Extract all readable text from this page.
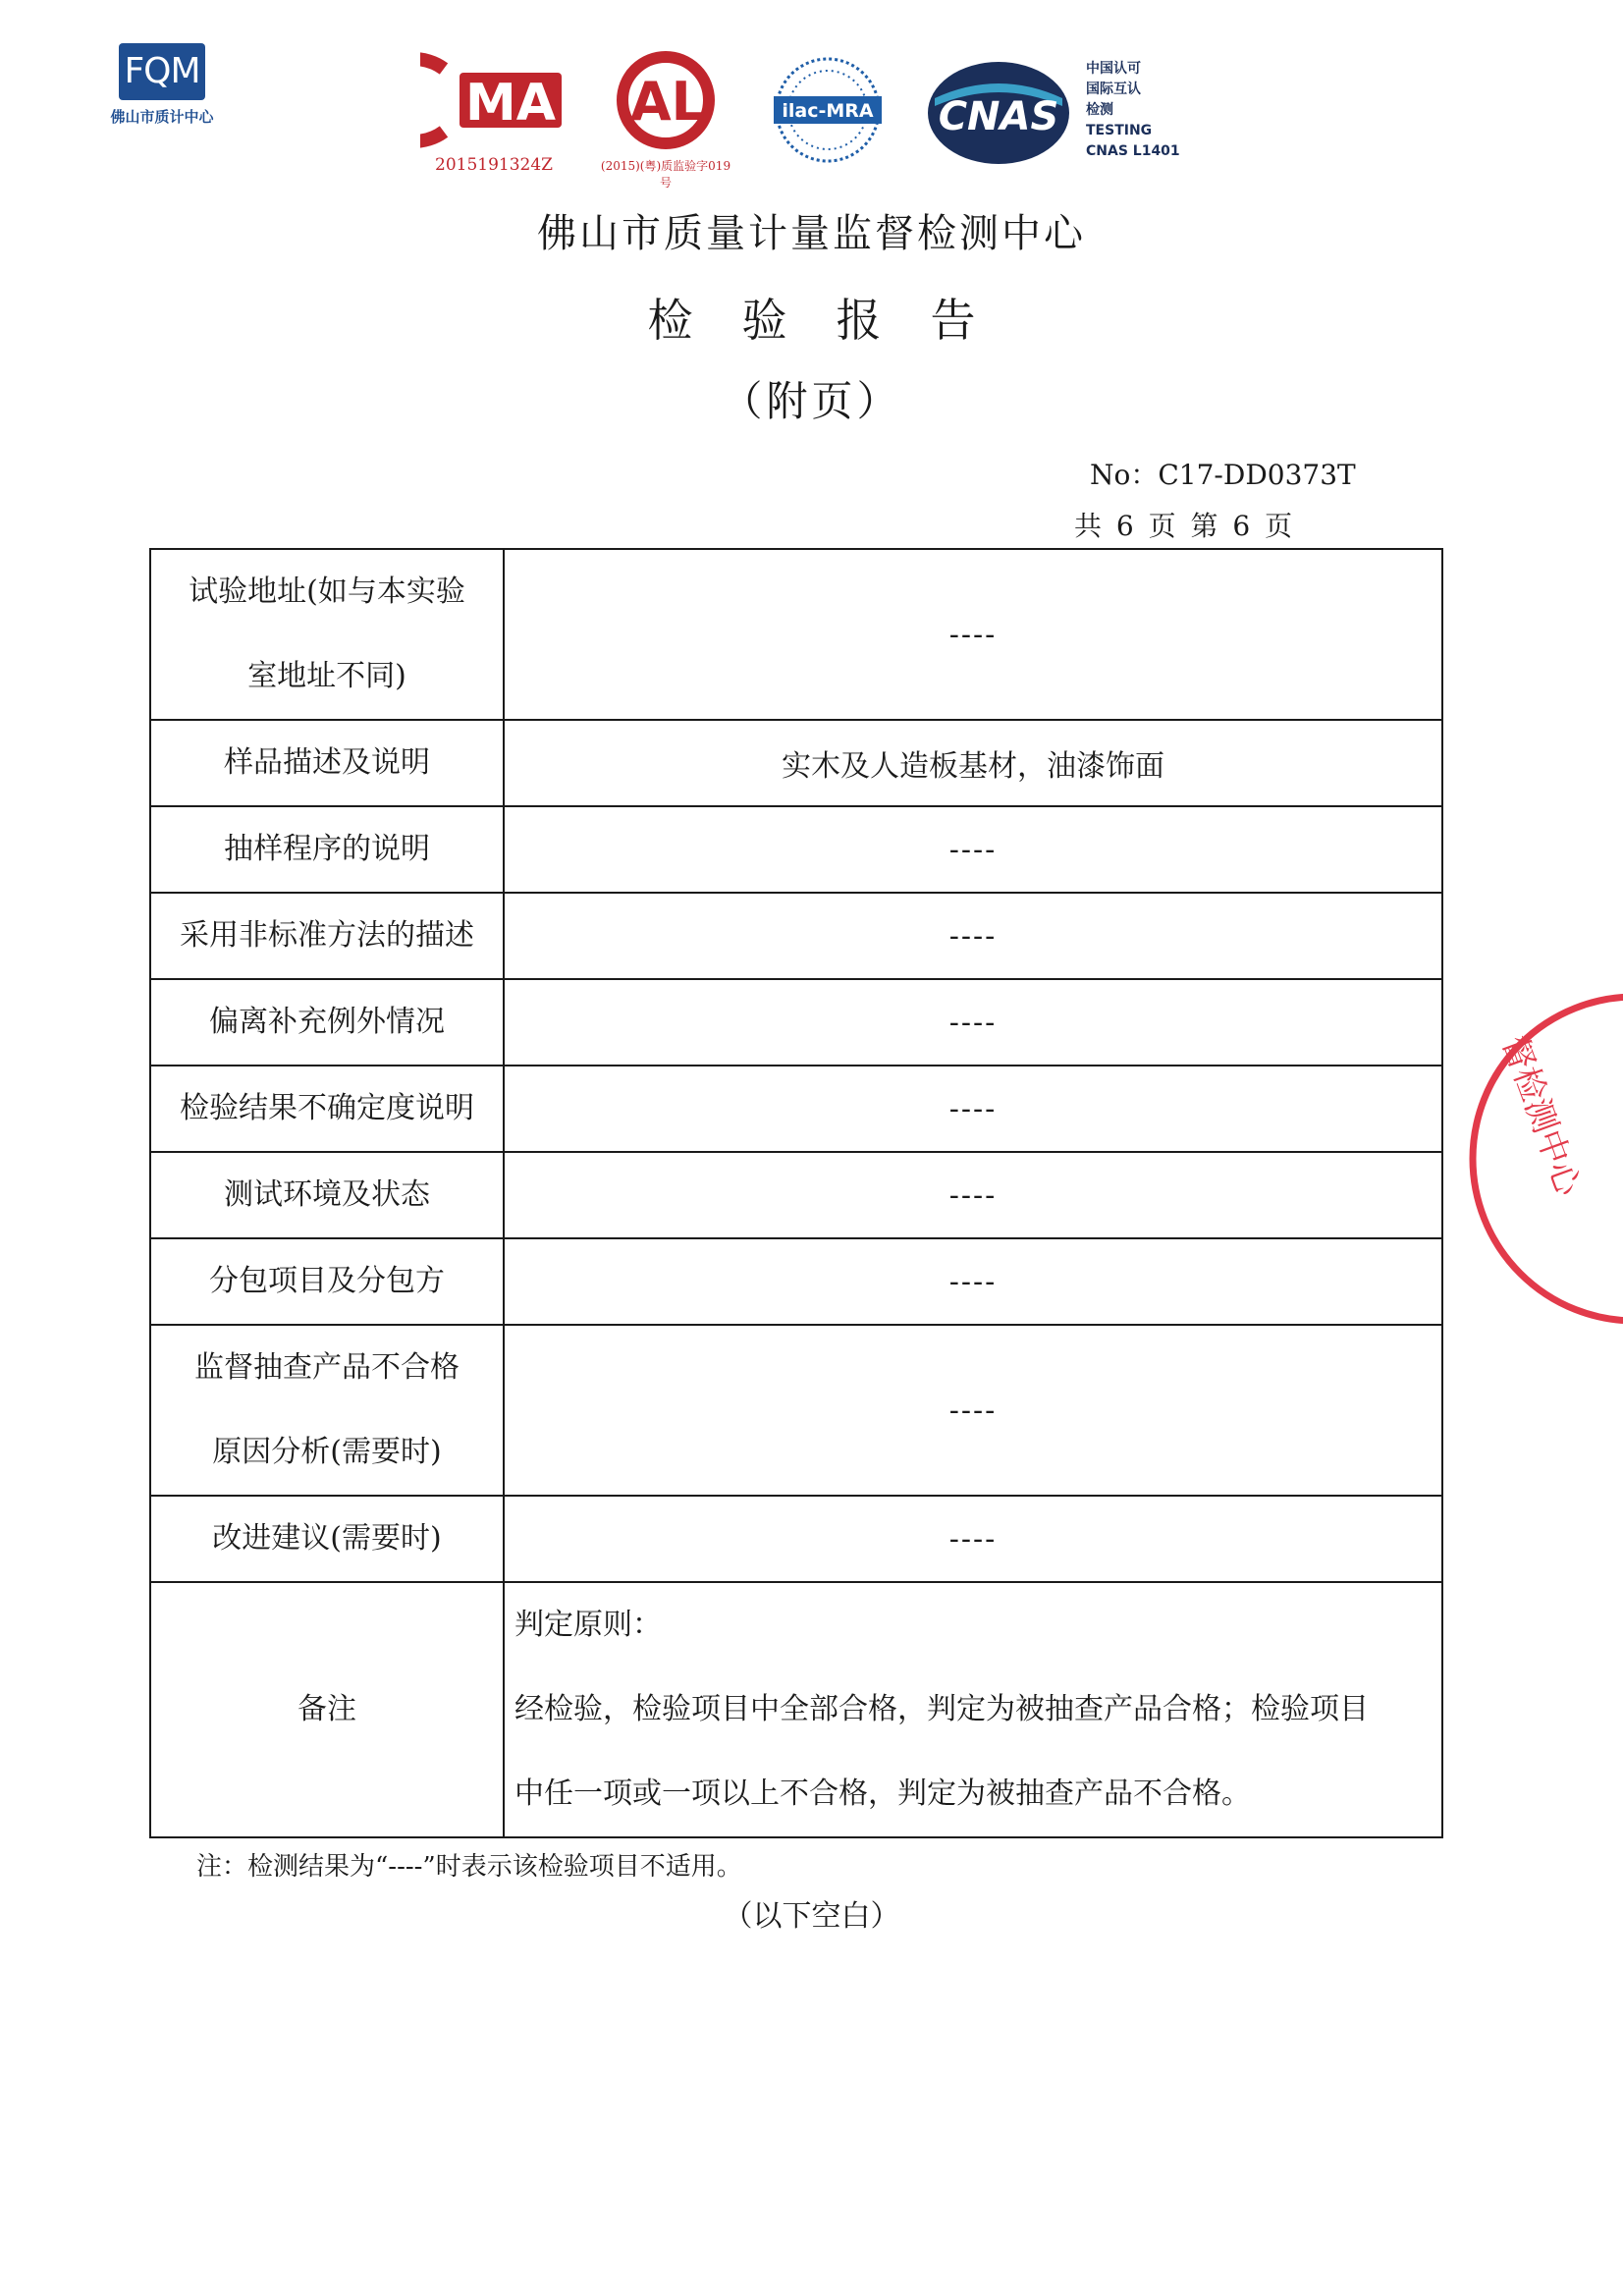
FQM
佛山市质计中心	MA
2015191324Z
AL
(2015)(粤)质监验字019号
ilac-MRA CNAS
中国认可
国际互认
检测
TESTING
CNAS L1401
佛山市质量计量监督检测中心
检验报告
（附页）
No：C17-DD0373T
共 6 页 第 6 页
试验地址(如与本实验
室地址不同)	----
样品描述及说明	实木及人造板基材，油漆饰面
抽样程序的说明	----
采用非标准方法的描述	----
偏离补充例外情况	----
检验结果不确定度说明	----
测试环境及状态	----
分包项目及分包方	----

监督抽查产品不合格
原因分析(需要时)	----
改进建议(需要时)	----
备注	判定原则：
经检验，检验项目中全部合格，判定为被抽查产品合格；检验项目
中任一项或一项以上不合格，判定为被抽查产品不合格。
注：检测结果为“----”时表示该检验项目不适用。
（以下空白）
督检测中心
